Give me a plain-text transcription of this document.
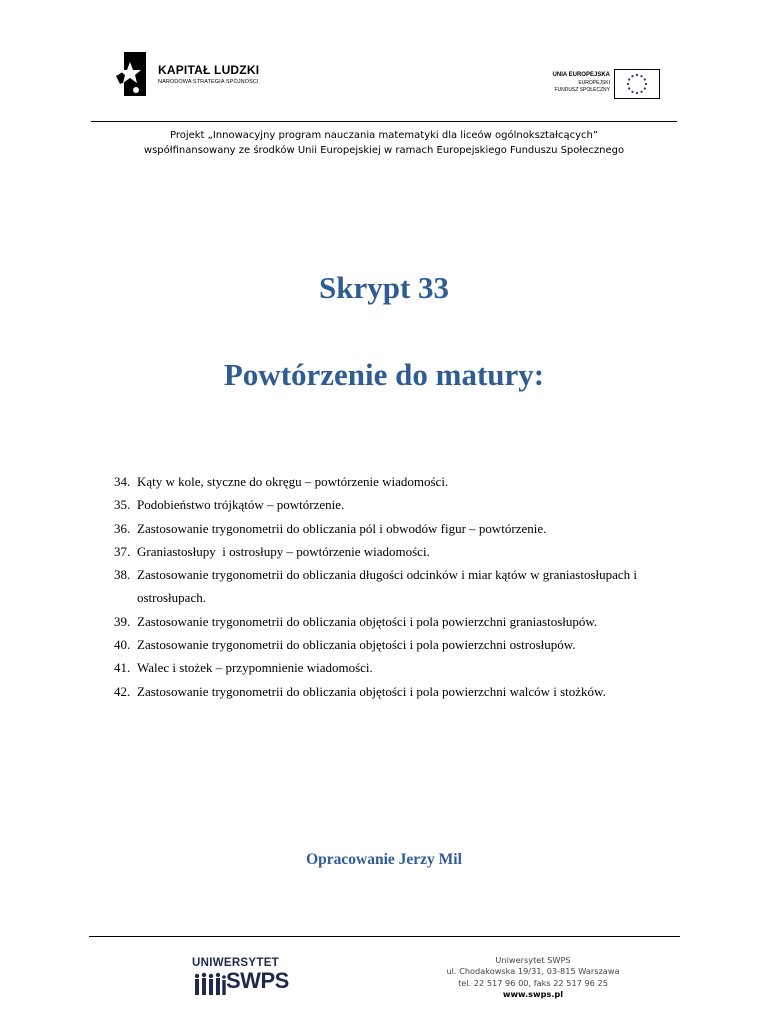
KAPITAŁ LUDZKI
NARODOWA STRATEGIA SPÓJNOŚCI
UNIA EUROPEJSKA
EUROPEJSKI
FUNDUSZ SPOŁECZNY
Projekt „Innowacyjny program nauczania matematyki dla liceów ogólnokształcących”
współfinansowany ze środków Unii Europejskiej w ramach Europejskiego Funduszu Społecznego
Skrypt 33
Powtórzenie do matury:
34. Kąty w kole, styczne do okręgu – powtórzenie wiadomości.
35. Podobieństwo trójkątów – powtórzenie.
36. Zastosowanie trygonometrii do obliczania pól i obwodów figur – powtórzenie.
37. Graniastosłupy  i ostrosłupy – powtórzenie wiadomości.
38. Zastosowanie trygonometrii do obliczania długości odcinków i miar kątów w graniastosłupach i ostrosłupach.
39. Zastosowanie trygonometrii do obliczania objętości i pola powierzchni graniastosłupów.
40. Zastosowanie trygonometrii do obliczania objętości i pola powierzchni ostrosłupów.
41. Walec i stożek – przypomnienie wiadomości.
42. Zastosowanie trygonometrii do obliczania objętości i pola powierzchni walców i stożków.
Opracowanie Jerzy Mil
UNIWERSYTET
SWPS
Uniwersytet SWPS
ul. Chodakowska 19/31, 03-815 Warszawa
tel. 22 517 96 00, faks 22 517 96 25
www.swps.pl
